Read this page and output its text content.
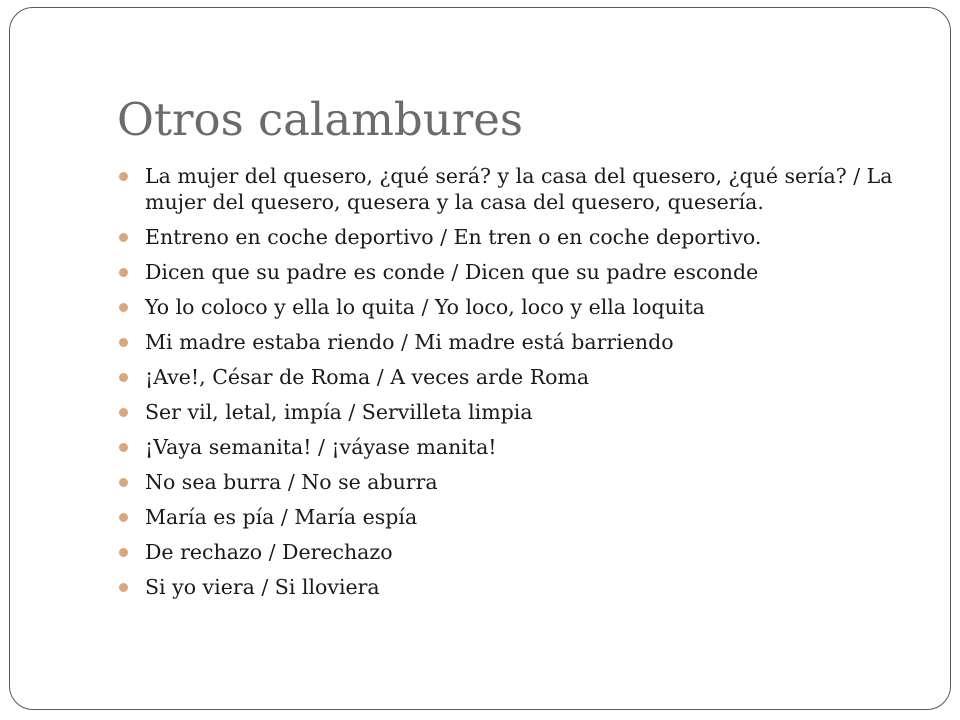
Otros calambures
La mujer del quesero, ¿qué será? y la casa del quesero, ¿qué sería? / La mujer del quesero, quesera y la casa del quesero, quesería.
Entreno en coche deportivo / En tren o en coche deportivo.
Dicen que su padre es conde / Dicen que su padre esconde
Yo lo coloco y ella lo quita / Yo loco, loco y ella loquita
Mi madre estaba riendo / Mi madre está barriendo
¡Ave!, César de Roma / A veces arde Roma
Ser vil, letal, impía / Servilleta limpia
¡Vaya semanita! / ¡váyase manita!
No sea burra / No se aburra
María es pía / María espía
De rechazo / Derechazo
Si yo viera / Si lloviera
